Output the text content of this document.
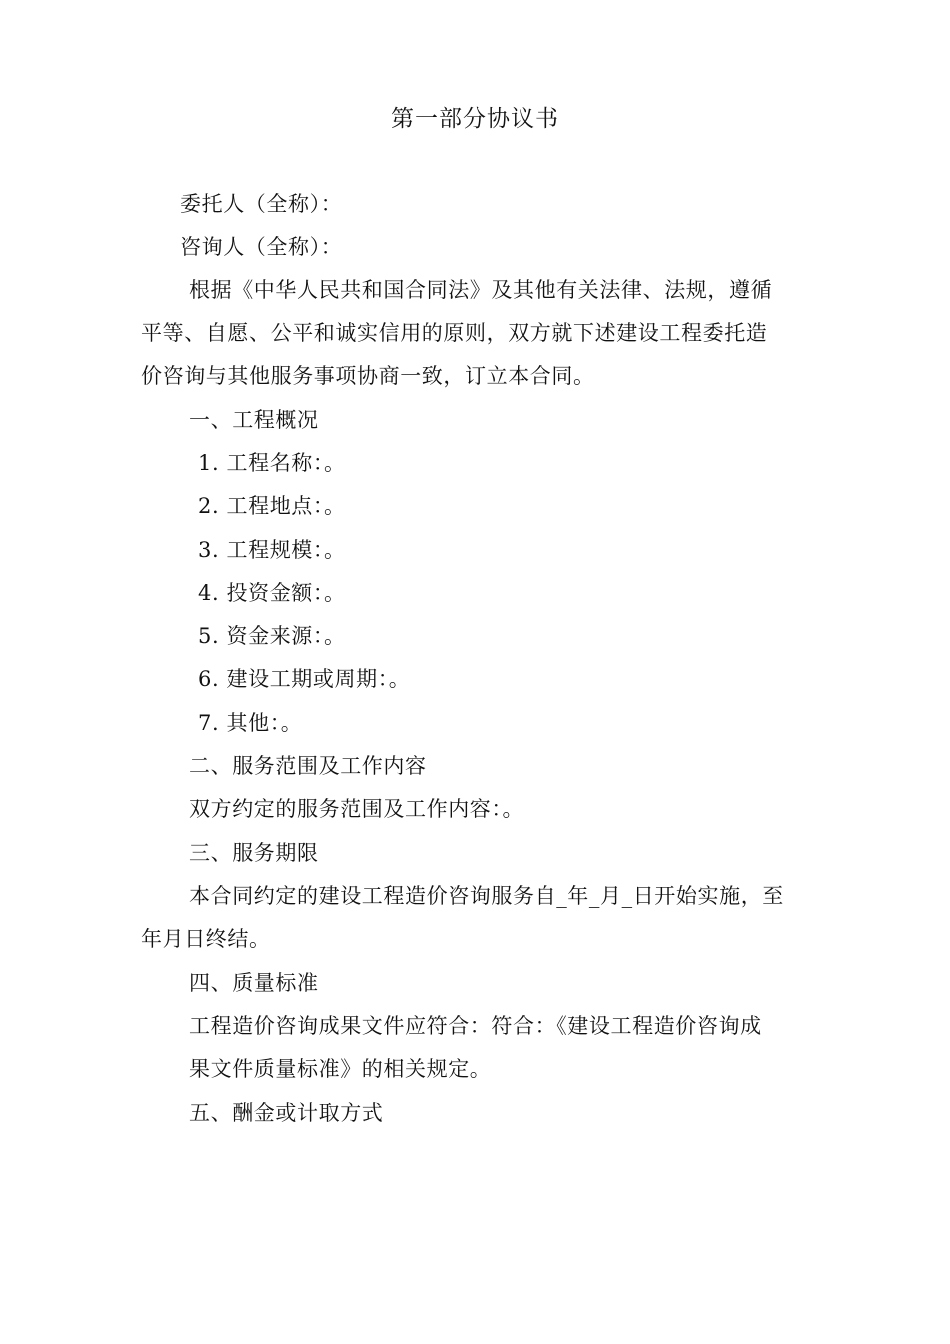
第一部分协议书
委托人（全称）：
咨询人（全称）：
根据《中华人民共和国合同法》及其他有关法律、法规，遵循
平等、自愿、公平和诚实信用的原则，双方就下述建设工程委托造
价咨询与其他服务事项协商一致，订立本合同。
一、工程概况
1. 工程名称：。
2. 工程地点：。
3. 工程规模：。
4. 投资金额：。
5. 资金来源：。
6. 建设工期或周期：。
7. 其他：。
二、服务范围及工作内容
双方约定的服务范围及工作内容：。
三、服务期限
本合同约定的建设工程造价咨询服务自_年_月_日开始实施，至
年月日终结。
四、质量标准
工程造价咨询成果文件应符合：符合：《建设工程造价咨询成
果文件质量标准》的相关规定。
五、酬金或计取方式
